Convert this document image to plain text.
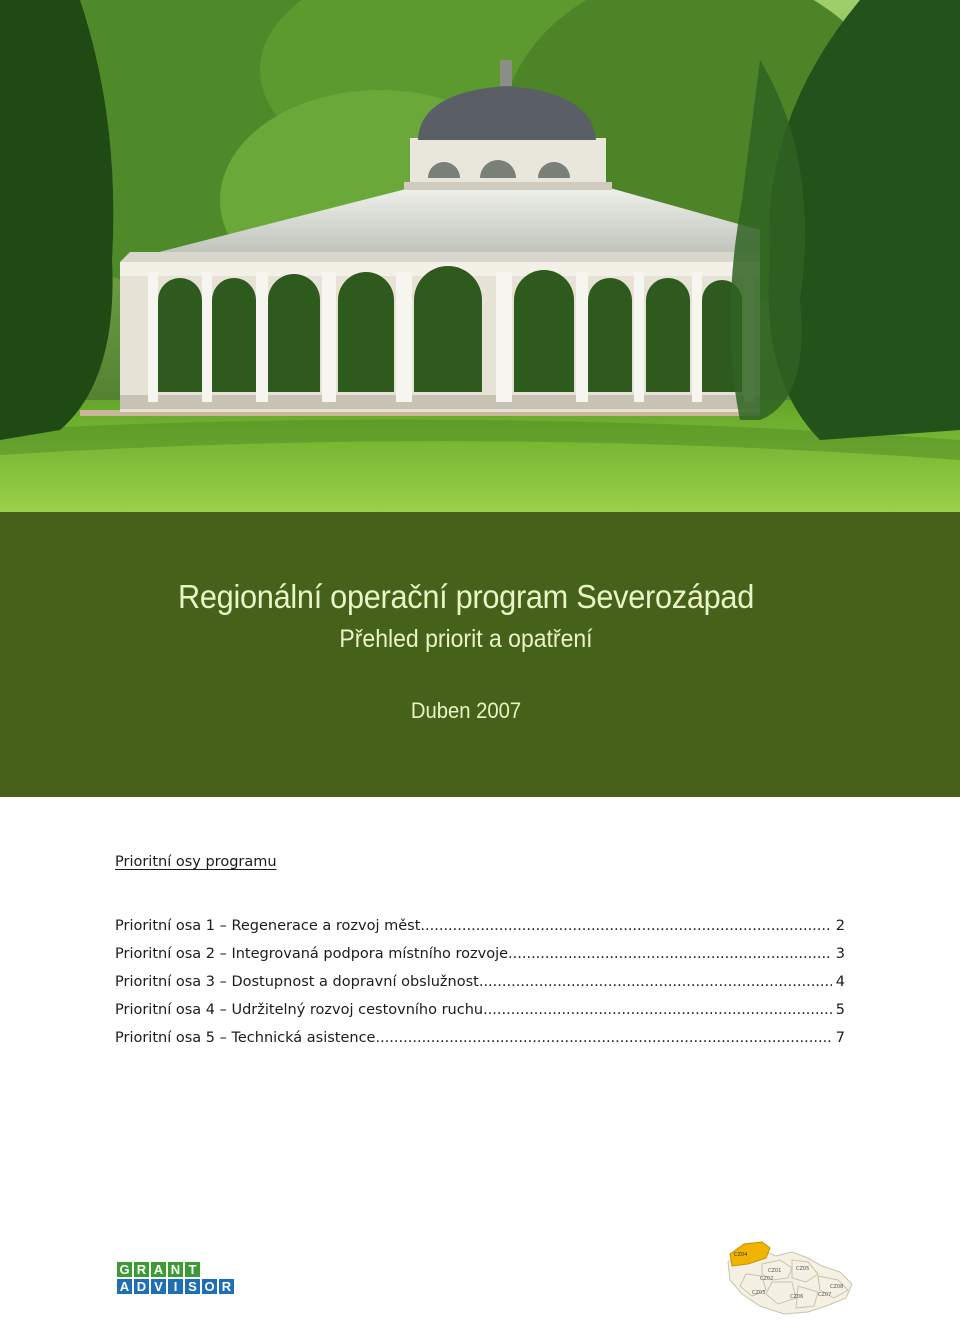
Regionální operační program Severozápad
Přehled priorit a opatření
Duben 2007
Prioritní osy programu
Prioritní osa 1 – Regenerace a rozvoj měst .....	2
Prioritní osa 2 – Integrovaná podpora místního rozvoje .....	3
Prioritní osa 3 – Dostupnost a dopravní obslužnost .....	4
Prioritní osa 4 – Udržitelný rozvoj cestovního ruchu .....	5
Prioritní osa 5 – Technická asistence .....	7
G R A N T
A D V I S O R
CZ04
CZ01	CZ05
CZ02
CZ08
CZ03
CZ06	CZ07
